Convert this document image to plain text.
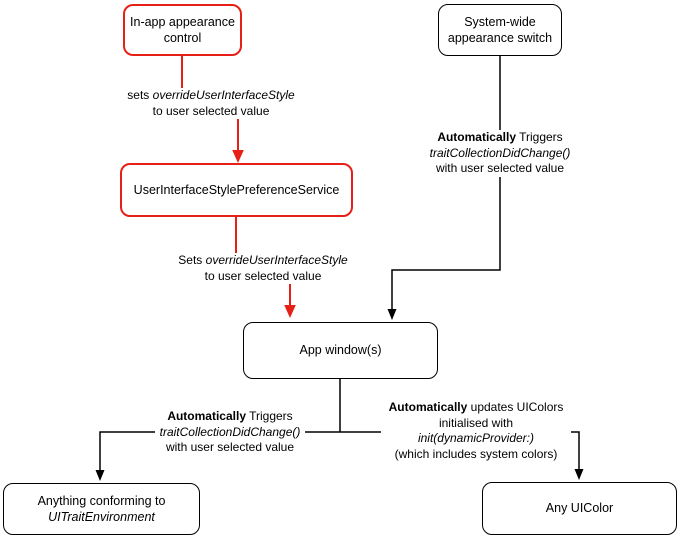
In-app appearance
control
System-wide
appearance switch
UserInterfaceStylePreferenceService
App window(s)
Anything conforming to
UITraitEnvironment
Any UIColor
sets overrideUserInterfaceStyle
to user selected value
Automatically Triggers
traitCollectionDidChange()
with user selected value
Sets overrideUserInterfaceStyle
to user selected value
Automatically Triggers
traitCollectionDidChange()
with user selected value
Automatically updates UIColors
initialised with
init(dynamicProvider:)
(which includes system colors)
